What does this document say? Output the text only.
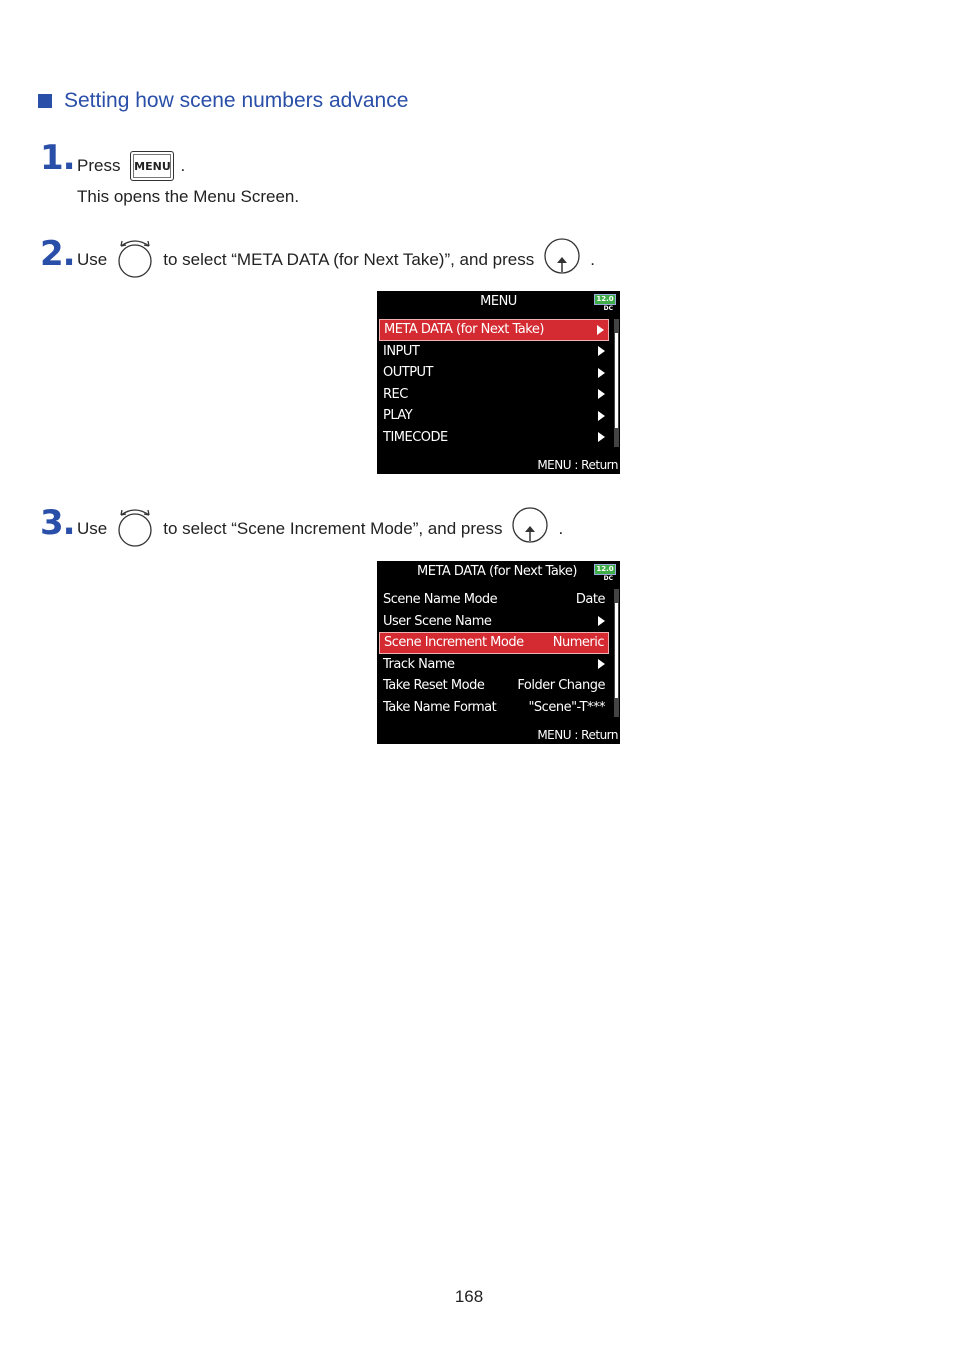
Setting how scene numbers advance
1. Press	MENU .
This opens the Menu Screen.
2. Use	to select “META DATA (for Next Take)”, and press	.
MENU	12.0
DC
META DATA (for Next Take)
INPUT
OUTPUT
REC
PLAY
TIMECODE
MENU : Return
3. Use	to select “Scene Increment Mode”, and press	.
META DATA (for Next Take)	12.0
DC
Scene Name Mode	Date
User Scene Name
Scene Increment Mode Numeric
Track Name
Take Reset Mode	Folder Change
Take Name Format "Scene"-T***
MENU : Return
168
